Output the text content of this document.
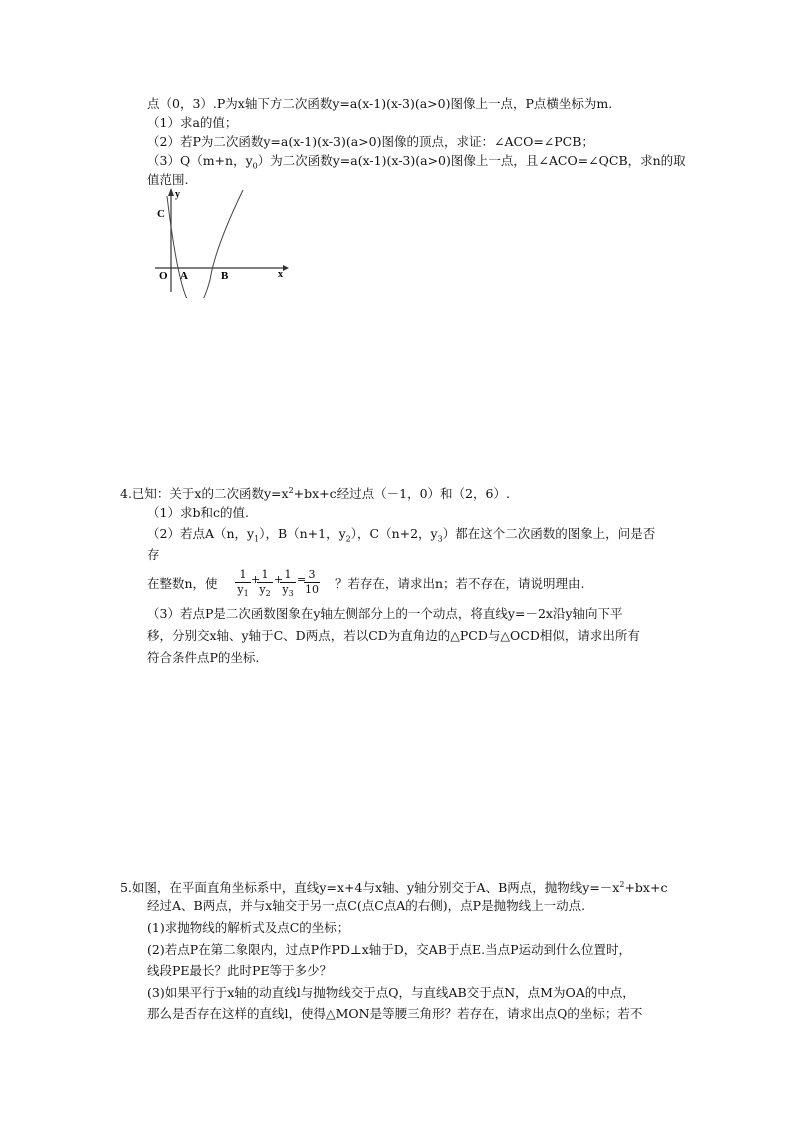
点（0，3）.P为x轴下方二次函数y=a(x-1)(x-3)(a>0)图像上一点，P点横坐标为m.
（1）求a的值；
（2）若P为二次函数y=a(x-1)(x-3)(a>0)图像的顶点，求证：∠ACO=∠PCB；
（3）Q（m+n，$y_0$）为二次函数y=a(x-1)(x-3)(a>0)图像上一点，且∠ACO=∠QCB，求n的取
值范围.
y
C
O A	B	x
4.已知：关于x的二次函数$y=x^2+bx+c$经过点（－1，0）和（2，6）.
（1）求b和c的值.
（2）若点A（n，$y_1$），B（n+1，$y_2$），C（n+2，$y_3$）都在这个二次函数的图象上，问是否
存
在整数n，使
1
$y_1$
+ 1
$y_2$
+ 1
$y_3$
= 3
10 ？若存在，请求出n；若不存在，请说明理由.
（3）若点P是二次函数图象在y轴左侧部分上的一个动点，将直线y=－2x沿y轴向下平
移，分别交x轴、y轴于C、D两点，若以CD为直角边的△PCD与△OCD相似，请求出所有
符合条件点P的坐标.
5.如图，在平面直角坐标系中，直线y=x+4与x轴、y轴分别交于A、B两点，抛物线$y=-x^2+bx+c$
经过A、B两点，并与x轴交于另一点C(点C点A的右侧)，点P是抛物线上一动点.
(1)求抛物线的解析式及点C的坐标；
(2)若点P在第二象限内，过点P作PD⊥x轴于D，交AB于点E.当点P运动到什么位置时，
线段PE最长？此时PE等于多少？
(3)如果平行于x轴的动直线l与抛物线交于点Q，与直线AB交于点N，点M为OA的中点，
那么是否存在这样的直线l，使得△MON是等腰三角形？若存在，请求出点Q的坐标；若不
